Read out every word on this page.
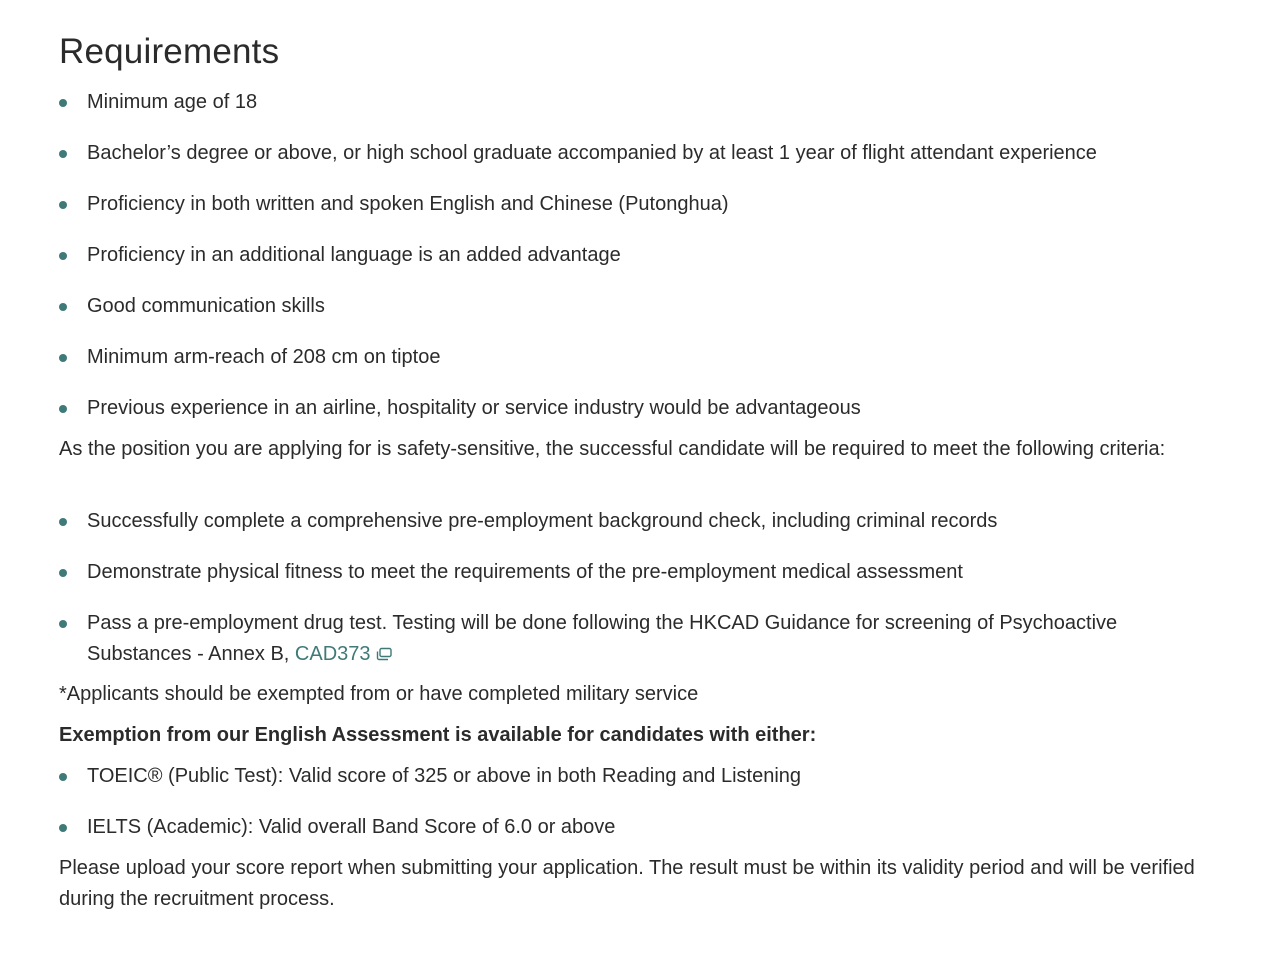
Requirements
Minimum age of 18
Bachelor’s degree or above, or high school graduate accompanied by at least 1 year of flight attendant experience
Proficiency in both written and spoken English and Chinese (Putonghua)
Proficiency in an additional language is an added advantage
Good communication skills
Minimum arm-reach of 208 cm on tiptoe
Previous experience in an airline, hospitality or service industry would be advantageous

As the position you are applying for is safety-sensitive, the successful candidate will be required to meet the following criteria:

Successfully complete a comprehensive pre-employment background check, including criminal records
Demonstrate physical fitness to meet the requirements of the pre-employment medical assessment
Pass a pre-employment drug test. Testing will be done following the HKCAD Guidance for screening of Psychoactive Substances - Annex B, CAD373

*Applicants should be exempted from or have completed military service

Exemption from our English Assessment is available for candidates with either:

TOEIC® (Public Test): Valid score of 325 or above in both Reading and Listening
IELTS (Academic): Valid overall Band Score of 6.0 or above

Please upload your score report when submitting your application. The result must be within its validity period and will be verified during the recruitment process.
